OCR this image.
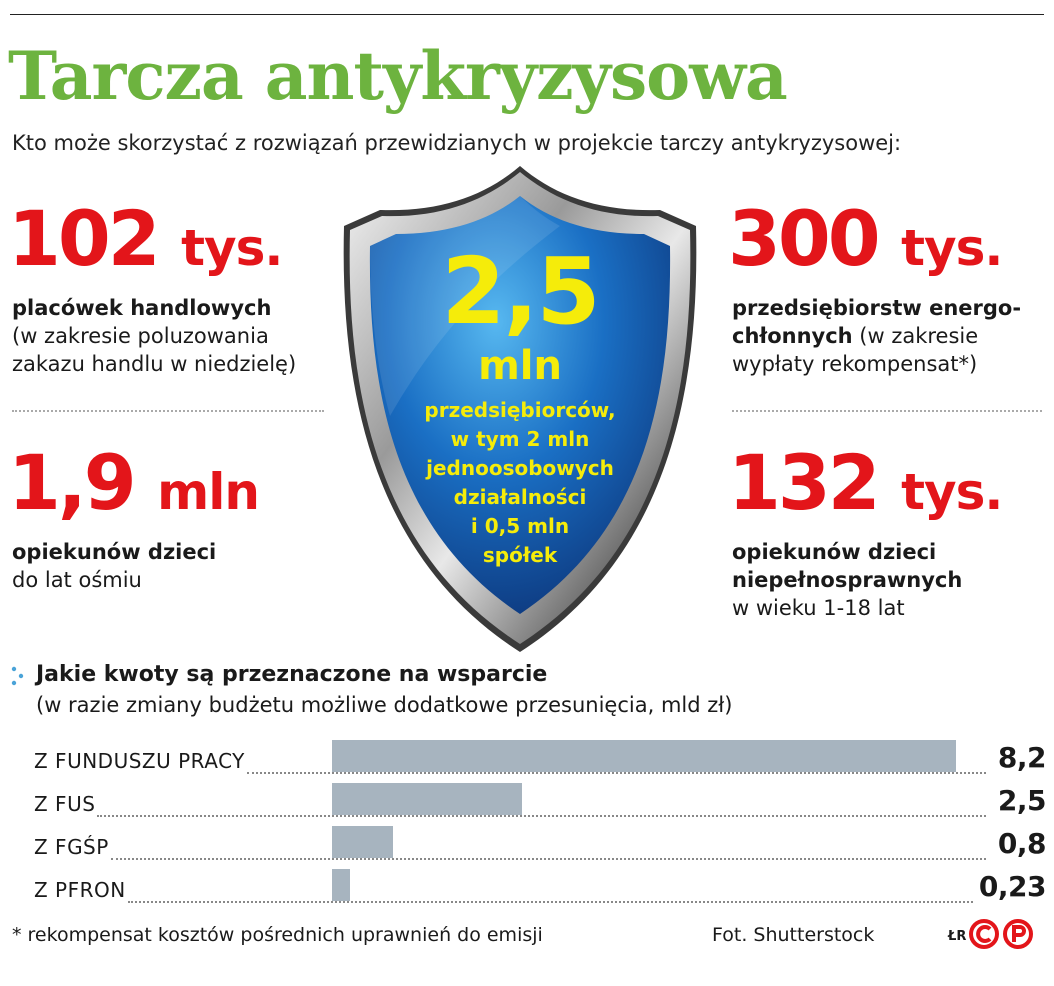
Tarcza antykryzysowa
Kto może skorzystać z rozwiązań przewidzianych w projekcie tarczy antykryzysowej:
102 tys.
placówek handlowych
(w zakresie poluzowania zakazu handlu w niedzielę)
1,9 mln
opiekunów dzieci
do lat ośmiu
300 tys.
przedsiębiorstw energo-
chłonnych (w zakresie
wypłaty rekompensat*)
132 tys.
opiekunów dzieci
niepełnosprawnych
w wieku 1-18 lat
2,5
mln
przedsiębiorców,
w tym 2 mln
jednoosobowych
działalności
i 0,5 mln
spółek
Jakie kwoty są przeznaczone na wsparcie
(w razie zmiany budżetu możliwe dodatkowe przesunięcia, mld zł)
Z FUNDUSZU PRACY	8,2
Z FUS	2,5
Z FGŚP	0,8
Z PFRON	0,23
* rekompensat kosztów pośrednich uprawnień do emisji	Fot. Shutterstock	ŁR
